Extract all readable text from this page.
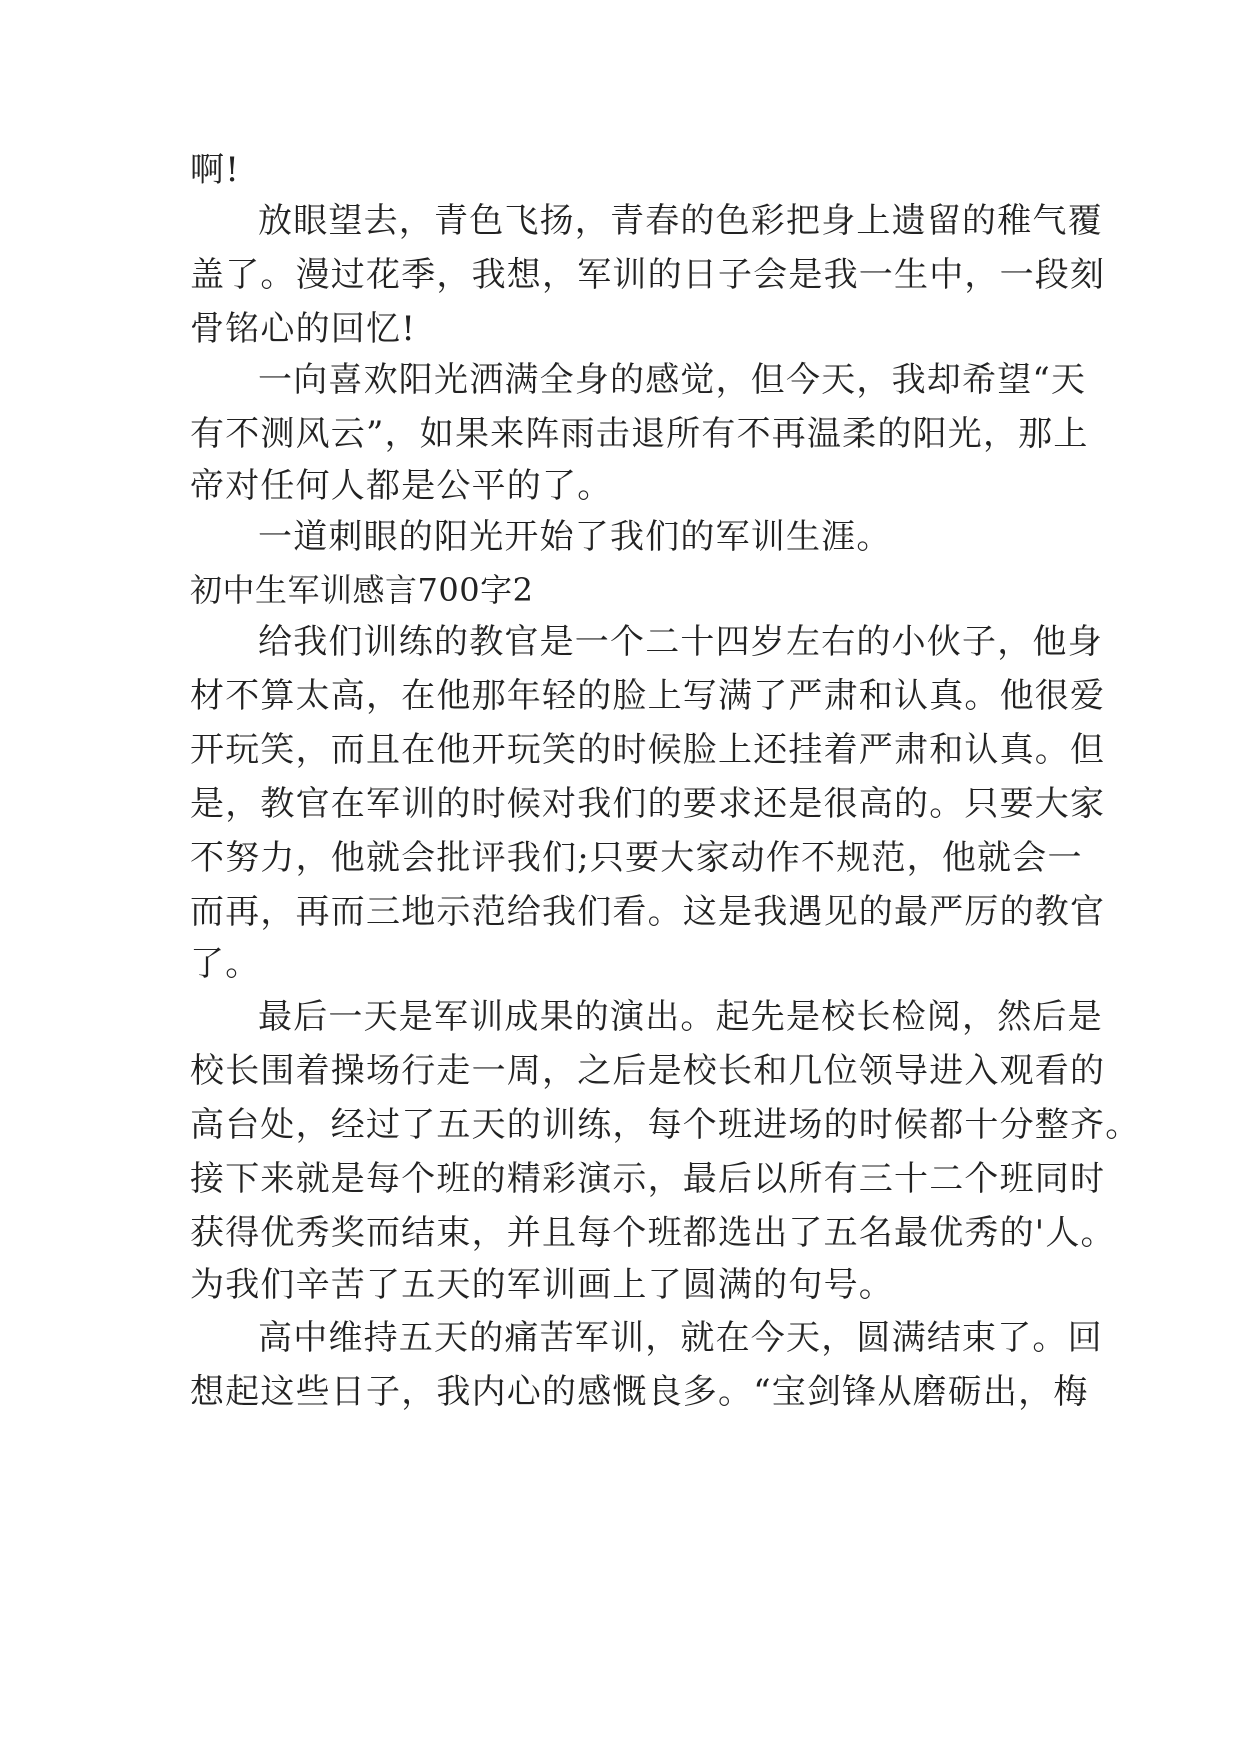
啊!
放眼望去，青色飞扬，青春的色彩把身上遗留的稚气覆
盖了。漫过花季，我想，军训的日子会是我一生中，一段刻
骨铭心的回忆!
一向喜欢阳光洒满全身的感觉，但今天，我却希望“天
有不测风云”，如果来阵雨击退所有不再温柔的阳光，那上
帝对任何人都是公平的了。
一道刺眼的阳光开始了我们的军训生涯。
初中生军训感言700字2
给我们训练的教官是一个二十四岁左右的小伙子，他身
材不算太高，在他那年轻的脸上写满了严肃和认真。他很爱
开玩笑，而且在他开玩笑的时候脸上还挂着严肃和认真。但
是，教官在军训的时候对我们的要求还是很高的。只要大家
不努力，他就会批评我们;只要大家动作不规范，他就会一
而再，再而三地示范给我们看。这是我遇见的最严厉的教官
了。
最后一天是军训成果的演出。起先是校长检阅，然后是
校长围着操场行走一周，之后是校长和几位领导进入观看的
高台处，经过了五天的训练，每个班进场的时候都十分整齐。
接下来就是每个班的精彩演示，最后以所有三十二个班同时
获得优秀奖而结束，并且每个班都选出了五名最优秀的'人。
为我们辛苦了五天的军训画上了圆满的句号。
高中维持五天的痛苦军训，就在今天，圆满结束了。回
想起这些日子，我内心的感慨良多。“宝剑锋从磨砺出，梅
